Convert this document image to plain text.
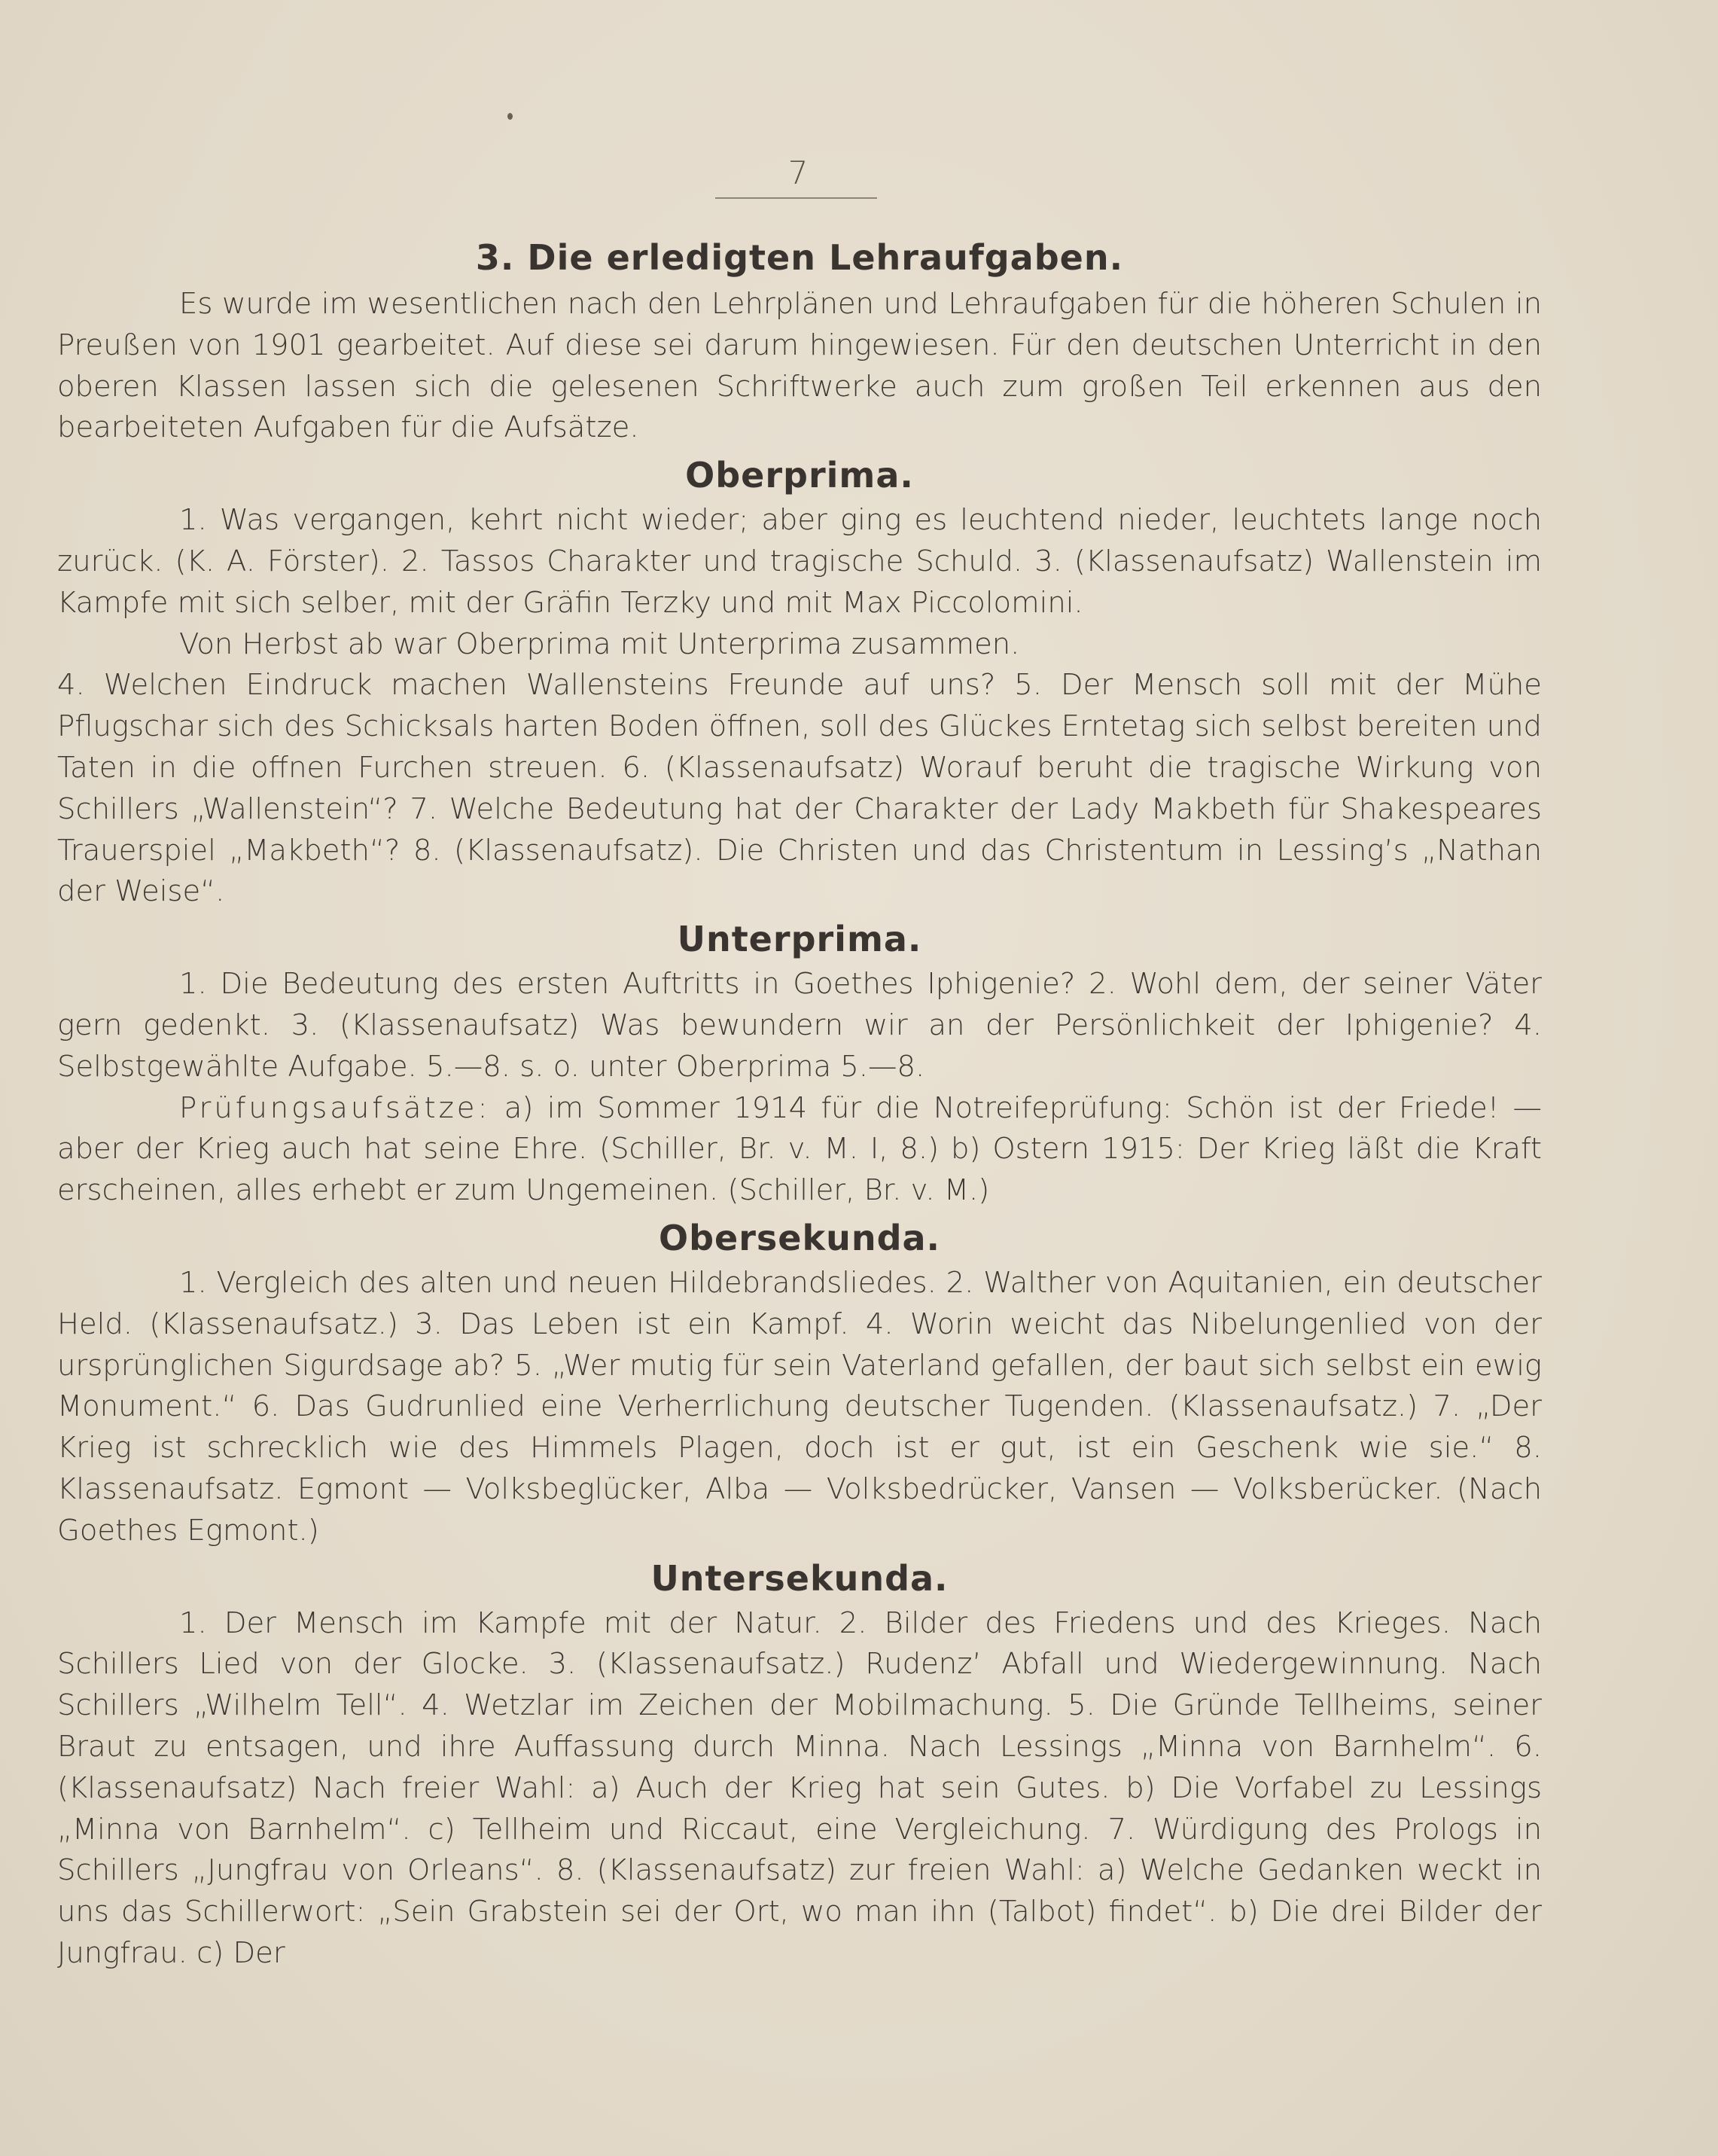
7
3. Die erledigten Lehraufgaben.

Es wurde im wesentlichen nach den Lehrplänen und Lehraufgaben für die höheren Schulen in Preußen von 1901 gearbeitet. Auf diese sei darum hingewiesen. Für den deutschen Unterricht in den oberen Klassen lassen sich die gelesenen Schriftwerke auch zum großen Teil erkennen aus den bearbeiteten Aufgaben für die Aufsätze.

Oberprima.

1. Was vergangen, kehrt nicht wieder; aber ging es leuchtend nieder, leuchtets lange noch zurück. (K. A. Förster). 2. Tassos Charakter und tragische Schuld. 3. (Klassenaufsatz) Wallenstein im Kampfe mit sich selber, mit der Gräfin Terzky und mit Max Piccolomini.

Von Herbst ab war Oberprima mit Unterprima zusammen.

4. Welchen Eindruck machen Wallensteins Freunde auf uns? 5. Der Mensch soll mit der Mühe Pflugschar sich des Schicksals harten Boden öffnen, soll des Glückes Erntetag sich selbst bereiten und Taten in die offnen Furchen streuen. 6. (Klassenaufsatz) Worauf beruht die tragische Wirkung von Schillers „Wallenstein“? 7. Welche Bedeutung hat der Charakter der Lady Makbeth für Shakespeares Trauerspiel „Makbeth“? 8. (Klassenaufsatz). Die Christen und das Christentum in Lessing’s „Nathan der Weise“.

Unterprima.

1. Die Bedeutung des ersten Auftritts in Goethes Iphigenie? 2. Wohl dem, der seiner Väter gern gedenkt. 3. (Klassenaufsatz) Was bewundern wir an der Persönlichkeit der Iphigenie? 4. Selbstgewählte Aufgabe. 5.—8. s. o. unter Oberprima 5.—8.

Prüfungsaufsätze: a) im Sommer 1914 für die Notreifeprüfung: Schön ist der Friede! — aber der Krieg auch hat seine Ehre. (Schiller, Br. v. M. I, 8.) b) Ostern 1915: Der Krieg läßt die Kraft erscheinen, alles erhebt er zum Ungemeinen. (Schiller, Br. v. M.)

Obersekunda.

1. Vergleich des alten und neuen Hildebrandsliedes. 2. Walther von Aquitanien, ein deutscher Held. (Klassenaufsatz.) 3. Das Leben ist ein Kampf. 4. Worin weicht das Nibelungenlied von der ursprünglichen Sigurdsage ab? 5. „Wer mutig für sein Vaterland gefallen, der baut sich selbst ein ewig Monument.“ 6. Das Gudrunlied eine Verherrlichung deutscher Tugenden. (Klassenaufsatz.) 7. „Der Krieg ist schrecklich wie des Himmels Plagen, doch ist er gut, ist ein Geschenk wie sie.“ 8. Klassenaufsatz. Egmont — Volksbeglücker, Alba — Volksbedrücker, Vansen — Volksberücker. (Nach Goethes Egmont.)

Untersekunda.

1. Der Mensch im Kampfe mit der Natur. 2. Bilder des Friedens und des Krieges. Nach Schillers Lied von der Glocke. 3. (Klassenaufsatz.) Rudenz’ Abfall und Wiedergewinnung. Nach Schillers „Wilhelm Tell“. 4. Wetzlar im Zeichen der Mobilmachung. 5. Die Gründe Tellheims, seiner Braut zu entsagen, und ihre Auffassung durch Minna. Nach Lessings „Minna von Barnhelm“. 6. (Klassenaufsatz) Nach freier Wahl: a) Auch der Krieg hat sein Gutes. b) Die Vorfabel zu Lessings „Minna von Barnhelm“. c) Tellheim und Riccaut, eine Vergleichung. 7. Würdigung des Prologs in Schillers „Jungfrau von Orleans“. 8. (Klassenaufsatz) zur freien Wahl: a) Welche Gedanken weckt in uns das Schillerwort: „Sein Grabstein sei der Ort, wo man ihn (Talbot) findet“. b) Die drei Bilder der Jungfrau. c) Der
